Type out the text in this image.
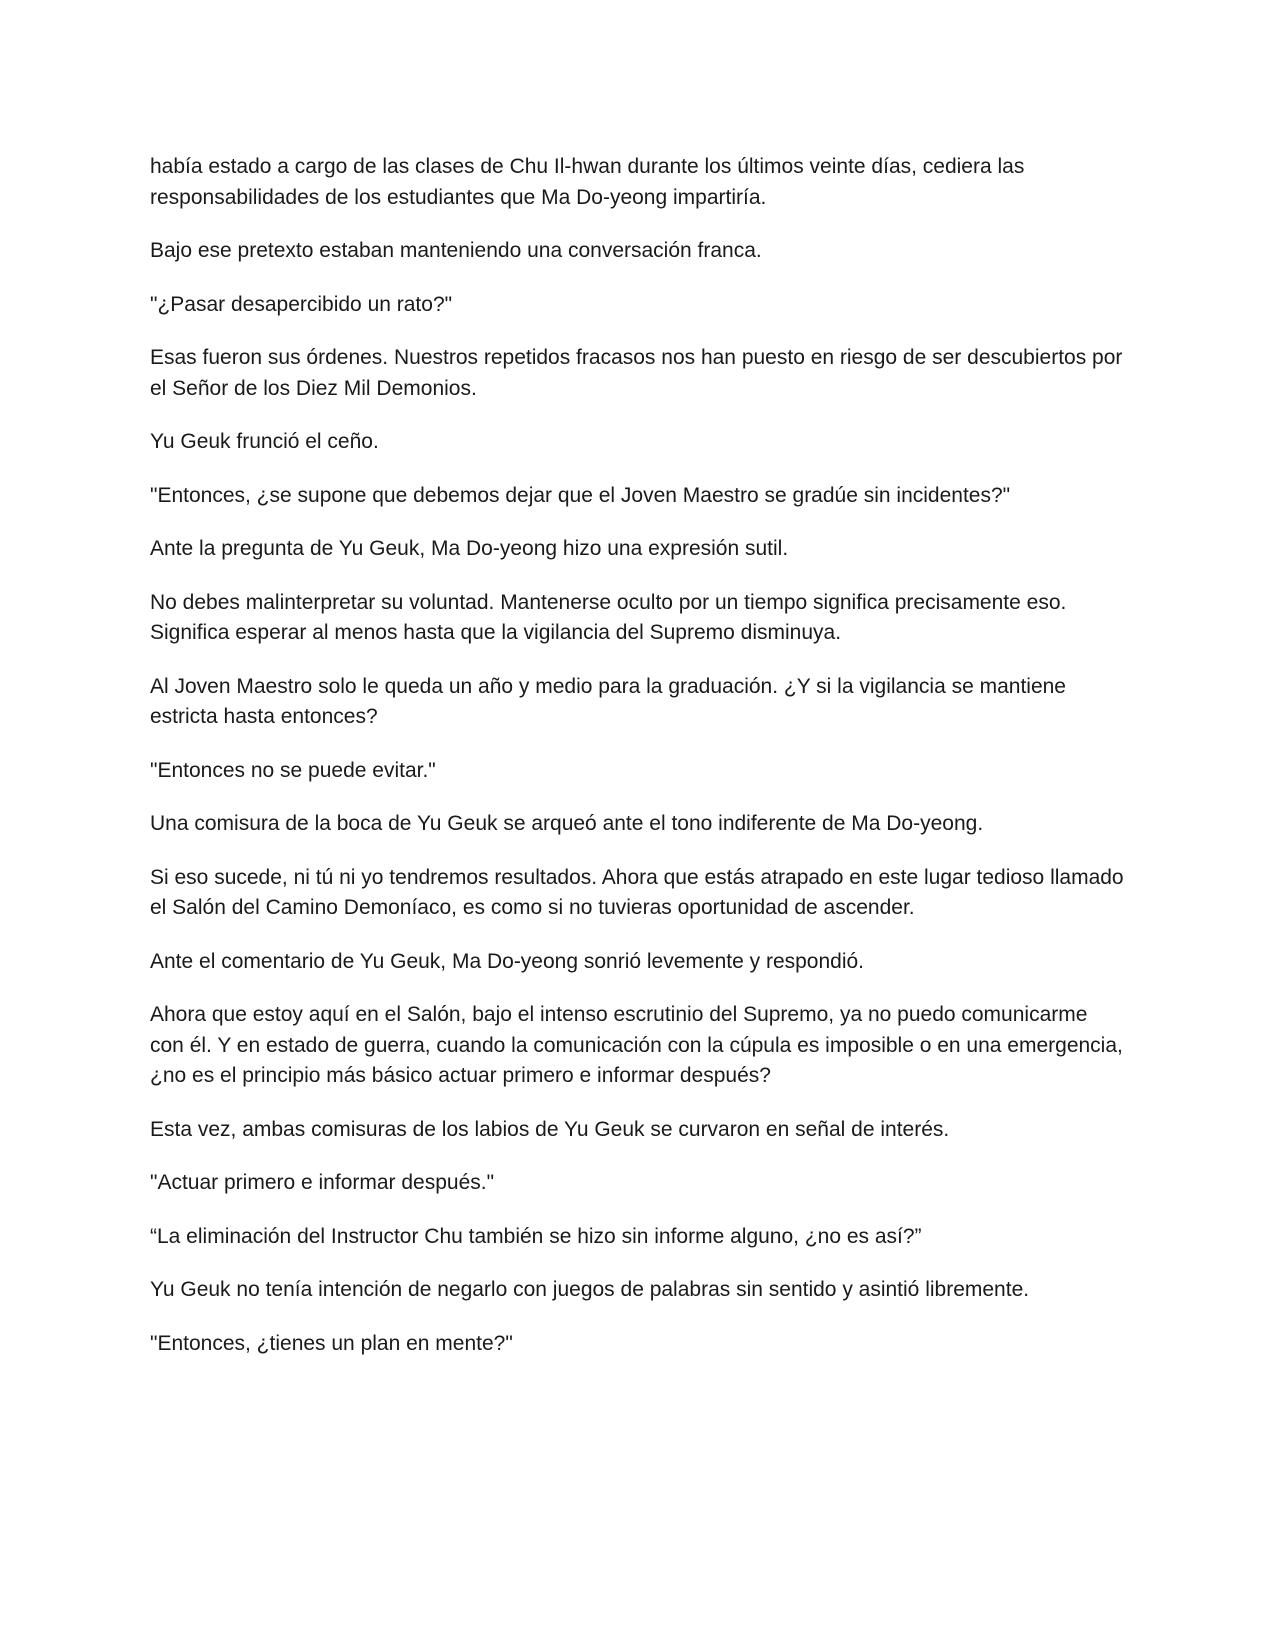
había estado a cargo de las clases de Chu Il-hwan durante los últimos veinte días, cediera las responsabilidades de los estudiantes que Ma Do-yeong impartiría.

Bajo ese pretexto estaban manteniendo una conversación franca.

"¿Pasar desapercibido un rato?"

Esas fueron sus órdenes. Nuestros repetidos fracasos nos han puesto en riesgo de ser descubiertos por el Señor de los Diez Mil Demonios.

Yu Geuk frunció el ceño.

"Entonces, ¿se supone que debemos dejar que el Joven Maestro se gradúe sin incidentes?"

Ante la pregunta de Yu Geuk, Ma Do-yeong hizo una expresión sutil.

No debes malinterpretar su voluntad. Mantenerse oculto por un tiempo significa precisamente eso. Significa esperar al menos hasta que la vigilancia del Supremo disminuya.

Al Joven Maestro solo le queda un año y medio para la graduación. ¿Y si la vigilancia se mantiene estricta hasta entonces?

"Entonces no se puede evitar."

Una comisura de la boca de Yu Geuk se arqueó ante el tono indiferente de Ma Do-yeong.

Si eso sucede, ni tú ni yo tendremos resultados. Ahora que estás atrapado en este lugar tedioso llamado el Salón del Camino Demoníaco, es como si no tuvieras oportunidad de ascender.

Ante el comentario de Yu Geuk, Ma Do-yeong sonrió levemente y respondió.

Ahora que estoy aquí en el Salón, bajo el intenso escrutinio del Supremo, ya no puedo comunicarme con él. Y en estado de guerra, cuando la comunicación con la cúpula es imposible o en una emergencia, ¿no es el principio más básico actuar primero e informar después?

Esta vez, ambas comisuras de los labios de Yu Geuk se curvaron en señal de interés.

"Actuar primero e informar después."

“La eliminación del Instructor Chu también se hizo sin informe alguno, ¿no es así?”

Yu Geuk no tenía intención de negarlo con juegos de palabras sin sentido y asintió libremente.

"Entonces, ¿tienes un plan en mente?"
